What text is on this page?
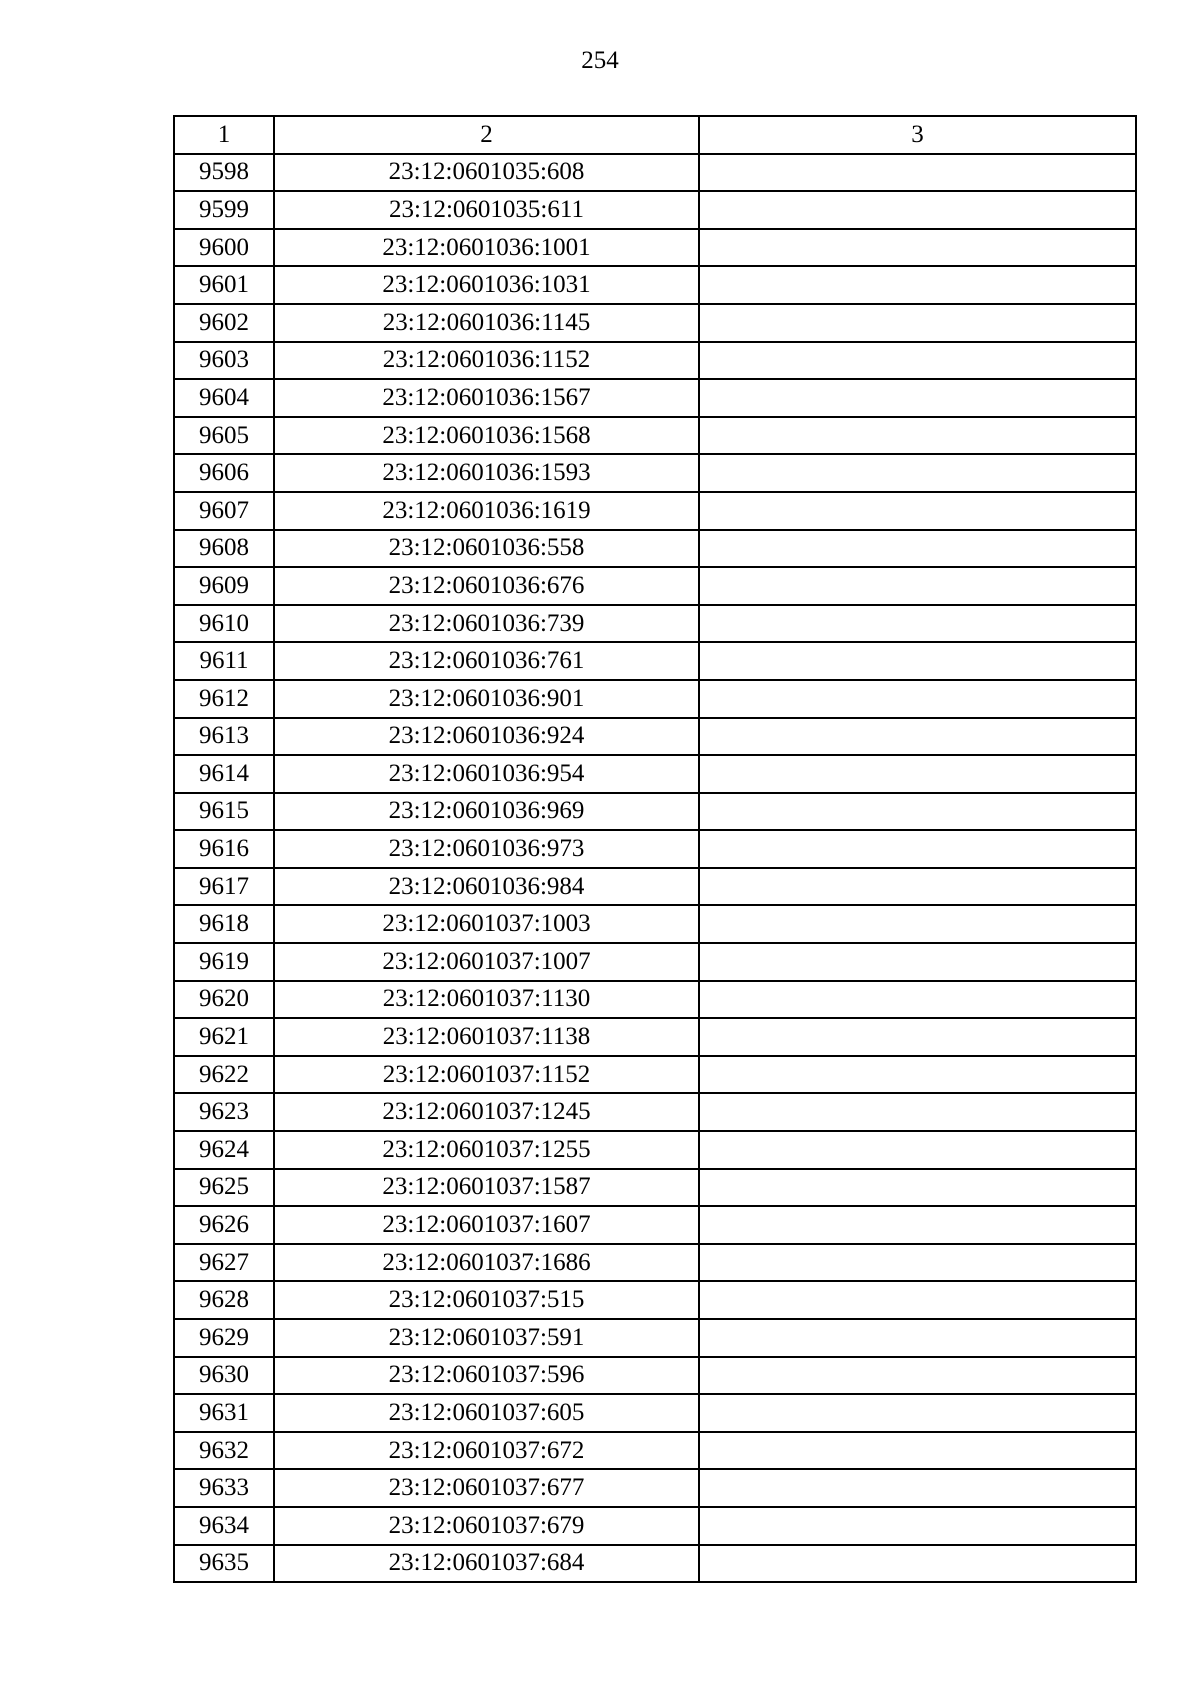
254
1	2	3
9598	23:12:0601035:608	
9599	23:12:0601035:611	
9600	23:12:0601036:1001	
9601	23:12:0601036:1031	
9602	23:12:0601036:1145	
9603	23:12:0601036:1152	
9604	23:12:0601036:1567	
9605	23:12:0601036:1568	
9606	23:12:0601036:1593	
9607	23:12:0601036:1619	
9608	23:12:0601036:558	
9609	23:12:0601036:676	
9610	23:12:0601036:739	
9611	23:12:0601036:761	
9612	23:12:0601036:901	
9613	23:12:0601036:924	
9614	23:12:0601036:954	
9615	23:12:0601036:969	
9616	23:12:0601036:973	
9617	23:12:0601036:984	
9618	23:12:0601037:1003	
9619	23:12:0601037:1007	
9620	23:12:0601037:1130	
9621	23:12:0601037:1138	
9622	23:12:0601037:1152	
9623	23:12:0601037:1245	
9624	23:12:0601037:1255	
9625	23:12:0601037:1587	
9626	23:12:0601037:1607	
9627	23:12:0601037:1686	
9628	23:12:0601037:515	
9629	23:12:0601037:591	
9630	23:12:0601037:596	
9631	23:12:0601037:605	
9632	23:12:0601037:672	
9633	23:12:0601037:677	
9634	23:12:0601037:679	
9635	23:12:0601037:684	
